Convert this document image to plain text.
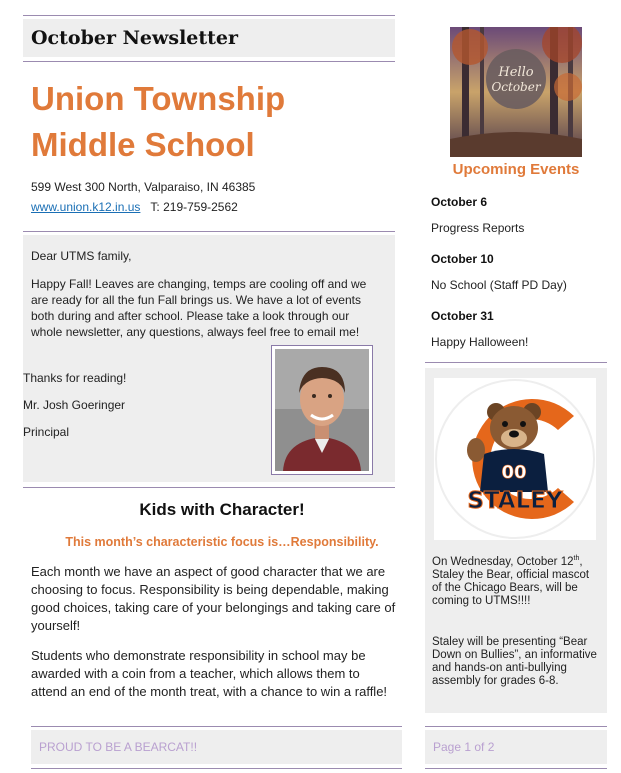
October Newsletter
Union Township
Middle School
599 West 300 North, Valparaiso, IN 46385
www.union.k12.in.us T: 219-759-2562
Dear UTMS family,
Happy Fall! Leaves are changing, temps are cooling off and we are ready for all the fun Fall brings us. We have a lot of events both during and after school. Please take a look through our whole newsletter, any questions, always feel free to email me!
Thanks for reading!
Mr. Josh Goeringer
Principal
Kids with Character!
This month’s characteristic focus is…Responsibility.
Each month we have an aspect of good character that we are choosing to focus. Responsibility is being dependable, making good choices, taking care of your belongings and taking care of yourself!
Students who demonstrate responsibility in school may be awarded with a coin from a teacher, which allows them to attend an end of the month treat, with a chance to win a raffle!
PROUD TO BE A BEARCAT!!
Hello
October
Upcoming Events
October 6
Progress Reports
October 10
No School (Staff PD Day)
October 31
Happy Halloween!
00
STALEY
On Wednesday, October 12th, Staley the Bear, official mascot of the Chicago Bears, will be coming to UTMS!!!!
Staley will be presenting “Bear Down on Bullies”, an informative and hands-on anti-bullying assembly for grades 6-8.
Page 1 of 2
